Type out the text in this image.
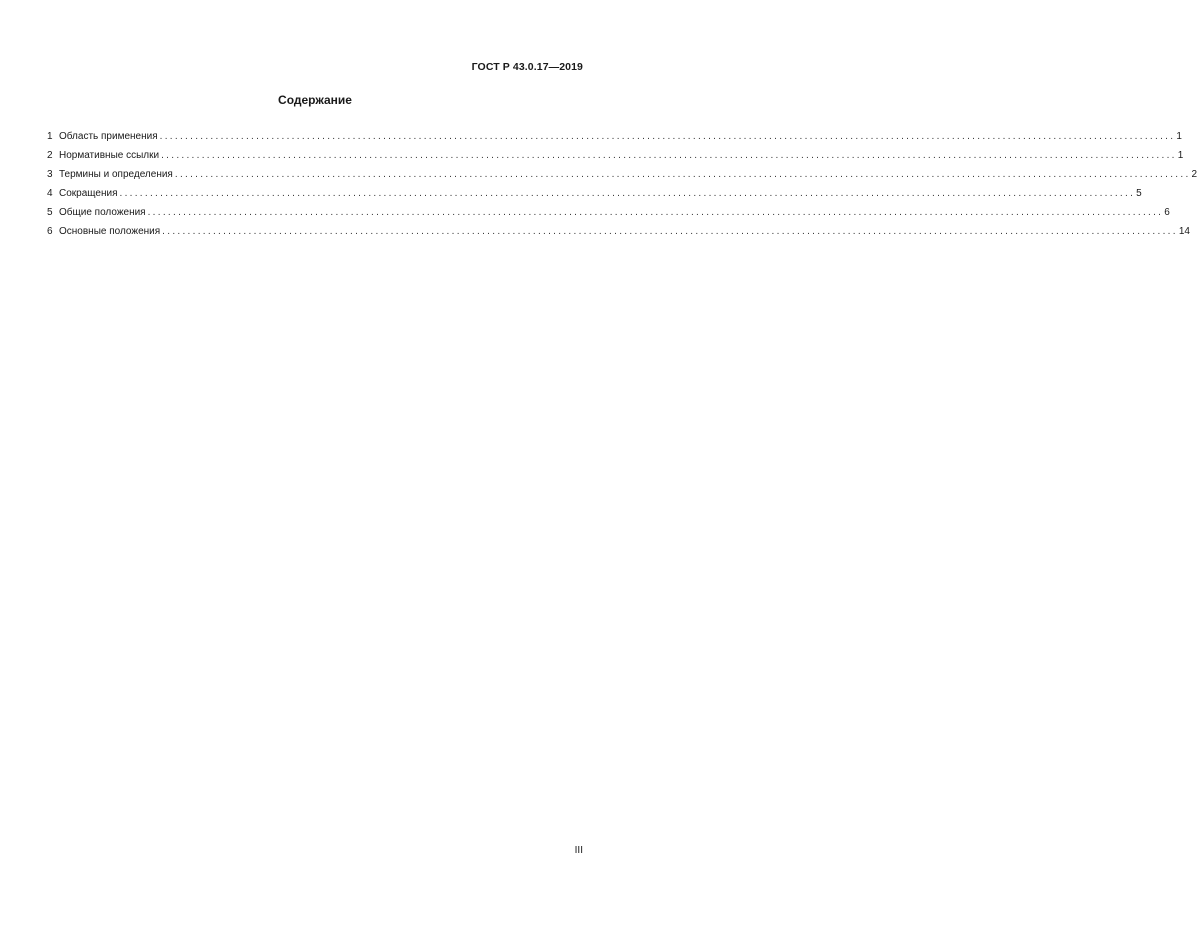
ГОСТ Р 43.0.17—2019
Содержание
1 Область применения ........................................................................................................................................................................................................ 1
2 Нормативные ссылки ........................................................................................................................................................................................................ 1
3 Термины и определения ........................................................................................................................................................................................................ 2
4 Сокращения ........................................................................................................................................................................................................ 5
5 Общие положения ........................................................................................................................................................................................................ 6
6 Основные положения ........................................................................................................................................................................................................ 14
III
